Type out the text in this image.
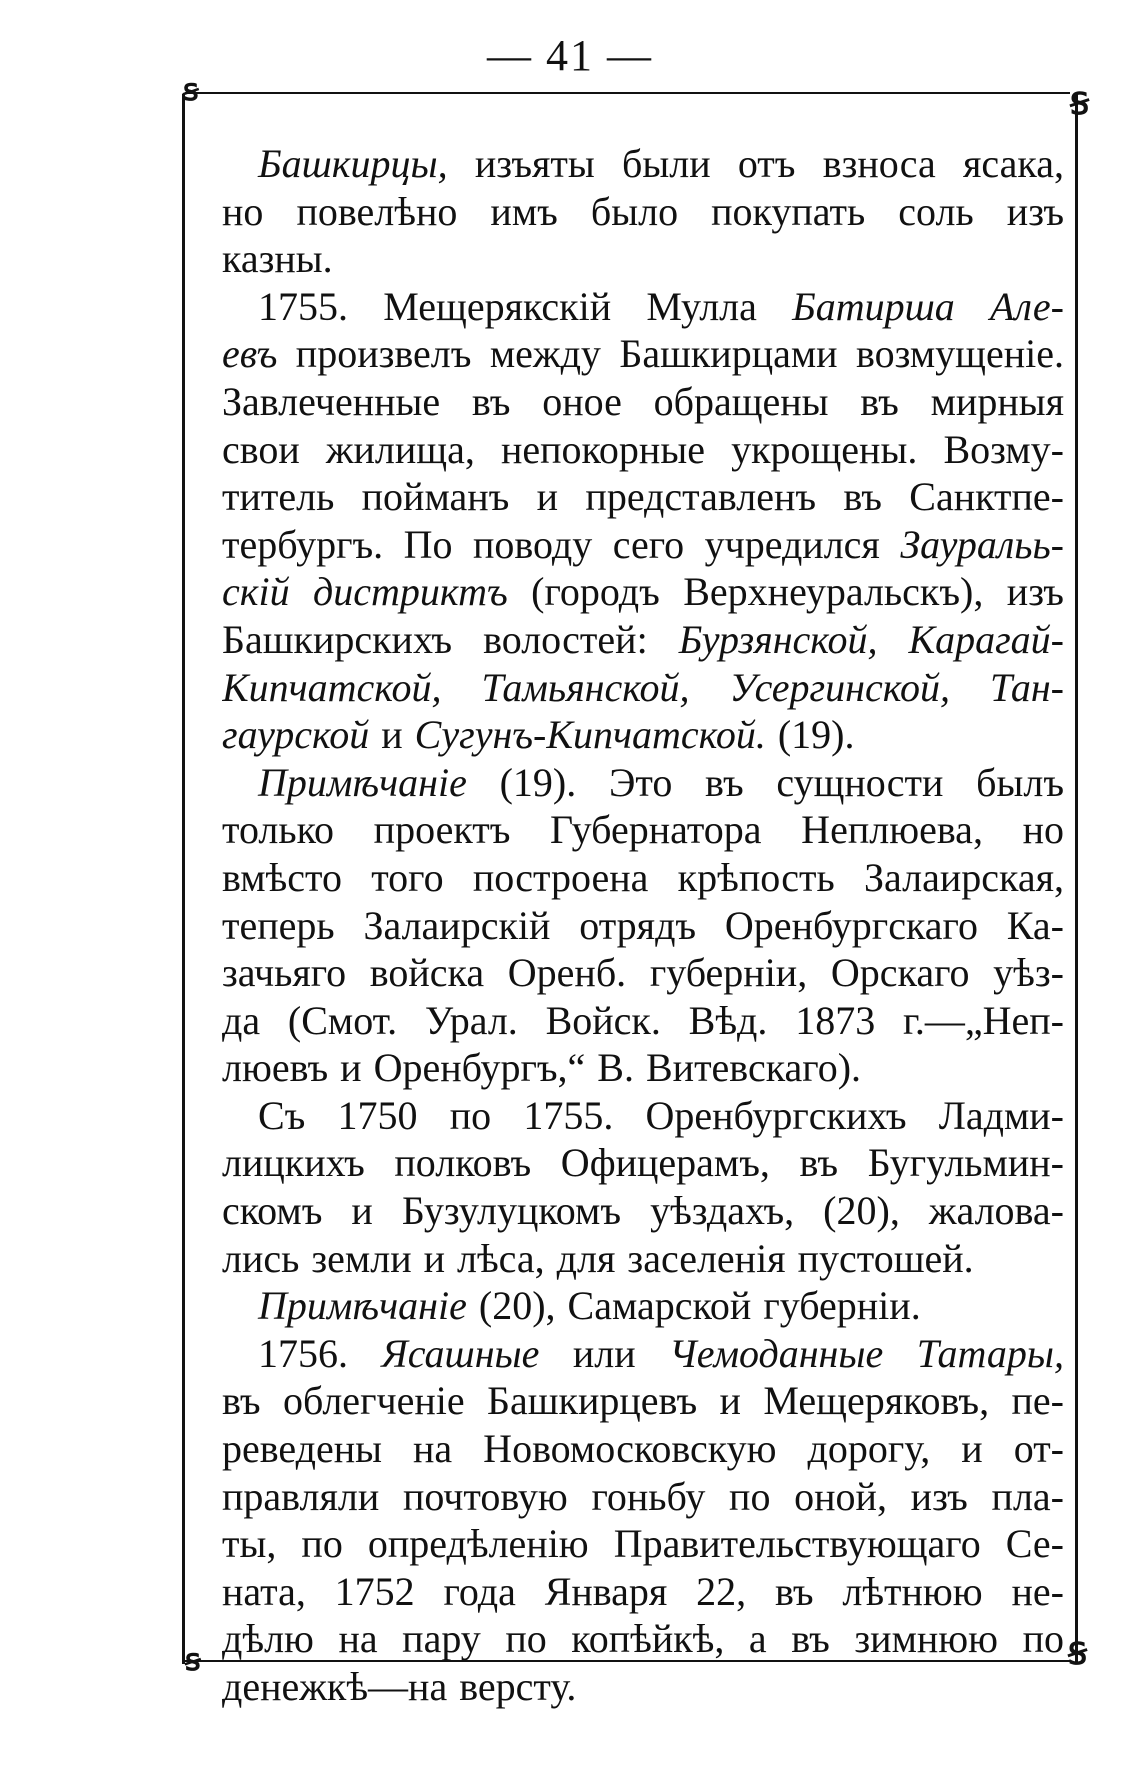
— 41 —
ꞩ	Ꞩ
ꞩ	Ꞩ
Башкирцы, изъяты были отъ взноса ясака,
но повелѣно имъ было покупать соль изъ
казны.
1755. Мещерякскій Мулла Батирша Але-
евъ произвелъ между Башкирцами возмущеніе.
Завлеченные въ оное обращены въ мирныя
свои жилища, непокорные укрощены. Возму-
титель пойманъ и представленъ въ Санктпе-
тербургъ. По поводу сего учредился Зауральь-
скій дистриктъ (городъ Верхнеуральскъ), изъ
Башкирскихъ волостей: Бурзянской, Карагай-
Кипчатской, Тамьянской, Усергинской, Тан-
гаурской и Сугунъ-Кипчатской. (19).
Примѣчаніе (19). Это въ сущности былъ
только проектъ Губернатора Неплюева, но
вмѣсто того построена крѣпость Залаирская,
теперь Залаирскій отрядъ Оренбургскаго Ка-
зачьяго войска Оренб. губерніи, Орскаго уѣз-
да (Смот. Урал. Войск. Вѣд. 1873 г.—„Неп-
люевъ и Оренбургъ,“ В. Витевскаго).
Съ 1750 по 1755. Оренбургскихъ Ладми-
лицкихъ полковъ Офицерамъ, въ Бугульмин-
скомъ и Бузулуцкомъ уѣздахъ, (20), жалова-
лись земли и лѣса, для заселенія пустошей.
Примѣчаніе (20), Самарской губерніи.
1756. Ясашные или Чемоданные Татары,
въ облегченіе Башкирцевъ и Мещеряковъ, пе-
реведены на Новомосковскую дорогу, и от-
правляли почтовую гоньбу по оной, изъ пла-
ты, по опредѣленію Правительствующаго Се-
ната, 1752 года Января 22, въ лѣтнюю не-
дѣлю на пару по копѣйкѣ, а въ зимнюю по
денежкѣ—на версту.
